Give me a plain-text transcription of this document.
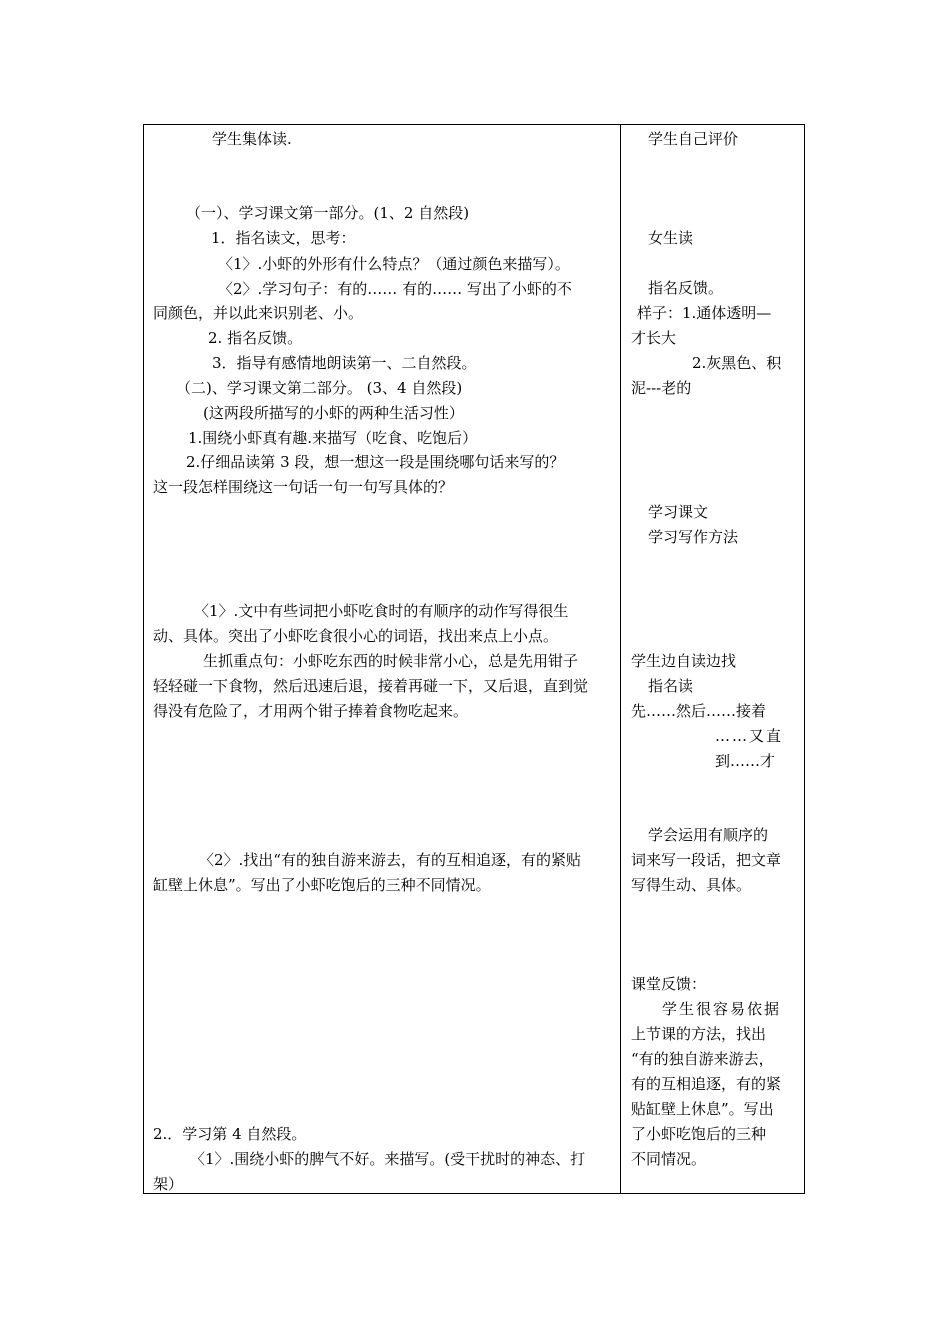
学生集体读.
（一）、学习课文第一部分。(1、2 自然段)
1．指名读文，思考：
〈1〉.小虾的外形有什么特点？（通过颜色来描写）。
〈2〉.学习句子：有的…… 有的…… 写出了小虾的不
同颜色，并以此来识别老、小。
2. 指名反馈。
3．指导有感情地朗读第一、二自然段。
（二)、学习课文第二部分。 (3、4 自然段)
(这两段所描写的小虾的两种生活习性）
1.围绕小虾真有趣.来描写（吃食、吃饱后）
2.仔细品读第 3 段，想一想这一段是围绕哪句话来写的？
这一段怎样围绕这一句话一句一句写具体的？
〈1〉.文中有些词把小虾吃食时的有顺序的动作写得很生
动、具体。突出了小虾吃食很小心的词语，找出来点上小点。
生抓重点句：小虾吃东西的时候非常小心，总是先用钳子
轻轻碰一下食物，然后迅速后退，接着再碰一下，又后退，直到觉
得没有危险了，才用两个钳子捧着食物吃起来。
〈2〉.找出“有的独自游来游去，有的互相追逐，有的紧贴
缸壁上休息”。写出了小虾吃饱后的三种不同情况。
2.．学习第 4 自然段。
〈1〉.围绕小虾的脾气不好。来描写。(受干扰时的神态、打
架）
学生自己评价
女生读
指名反馈。
样子：1.通体透明—
才长大
2.灰黑色、积
泥---老的
学习课文
学习写作方法
学生边自读边找
指名读
先……然后……接着
……又直
到……才
学会运用有顺序的
词来写一段话，把文章
写得生动、具体。
课堂反馈：
学生很容易依据
上节课的方法，找出
“有的独自游来游去，
有的互相追逐，有的紧
贴缸壁上休息”。写出
了小虾吃饱后的三种
不同情况。
